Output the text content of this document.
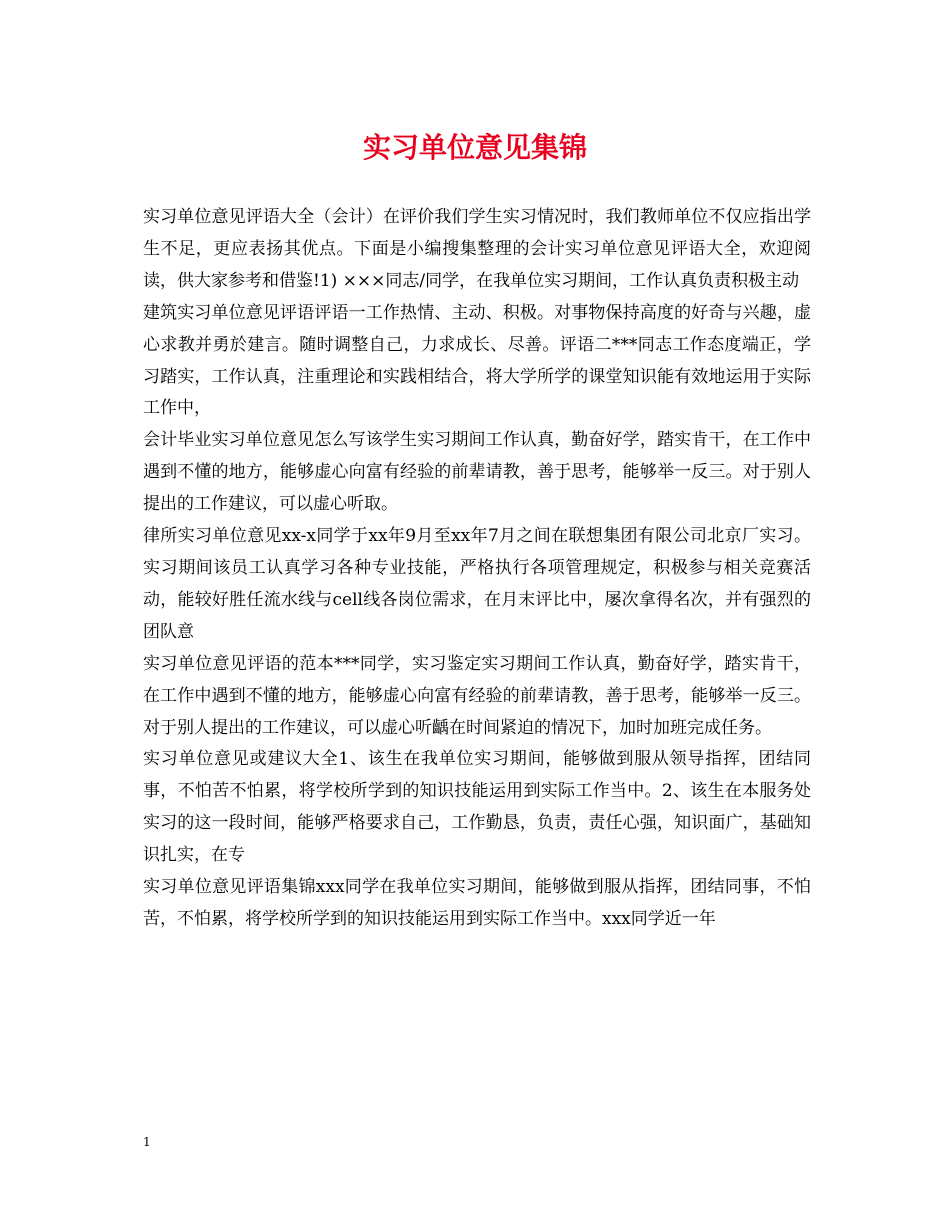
实习单位意见集锦

实习单位意见评语大全（会计）在评价我们学生实习情况时，我们教师单位不仅应指出学生不足，更应表扬其优点。下面是小编搜集整理的会计实习单位意见评语大全，欢迎阅读，供大家参考和借鉴!1) ×××同志/同学，在我单位实习期间，工作认真负责积极主动

建筑实习单位意见评语评语一工作热情、主动、积极。对事物保持高度的好奇与兴趣，虚心求教并勇於建言。随时调整自己，力求成长、尽善。评语二***同志工作态度端正，学习踏实，工作认真，注重理论和实践相结合，将大学所学的课堂知识能有效地运用于实际工作中，

会计毕业实习单位意见怎么写该学生实习期间工作认真，勤奋好学，踏实肯干，在工作中遇到不懂的地方，能够虚心向富有经验的前辈请教，善于思考，能够举一反三。对于别人提出的工作建议，可以虚心听取。

律所实习单位意见xx-x同学于xx年9月至xx年7月之间在联想集团有限公司北京厂实习。实习期间该员工认真学习各种专业技能，严格执行各项管理规定，积极参与相关竞赛活动，能较好胜任流水线与cell线各岗位需求，在月末评比中，屡次拿得名次，并有强烈的团队意

实习单位意见评语的范本***同学，实习鉴定实习期间工作认真，勤奋好学，踏实肯干，在工作中遇到不懂的地方，能够虚心向富有经验的前辈请教，善于思考，能够举一反三。对于别人提出的工作建议，可以虚心听齲在时间紧迫的情况下，加时加班完成任务。

实习单位意见或建议大全1、该生在我单位实习期间，能够做到服从领导指挥，团结同事，不怕苦不怕累，将学校所学到的知识技能运用到实际工作当中。2、该生在本服务处实习的这一段时间，能够严格要求自己，工作勤恳，负责，责任心强，知识面广，基础知识扎实，在专

实习单位意见评语集锦xxx同学在我单位实习期间，能够做到服从指挥，团结同事，不怕苦，不怕累，将学校所学到的知识技能运用到实际工作当中。xxx同学近一年

1
